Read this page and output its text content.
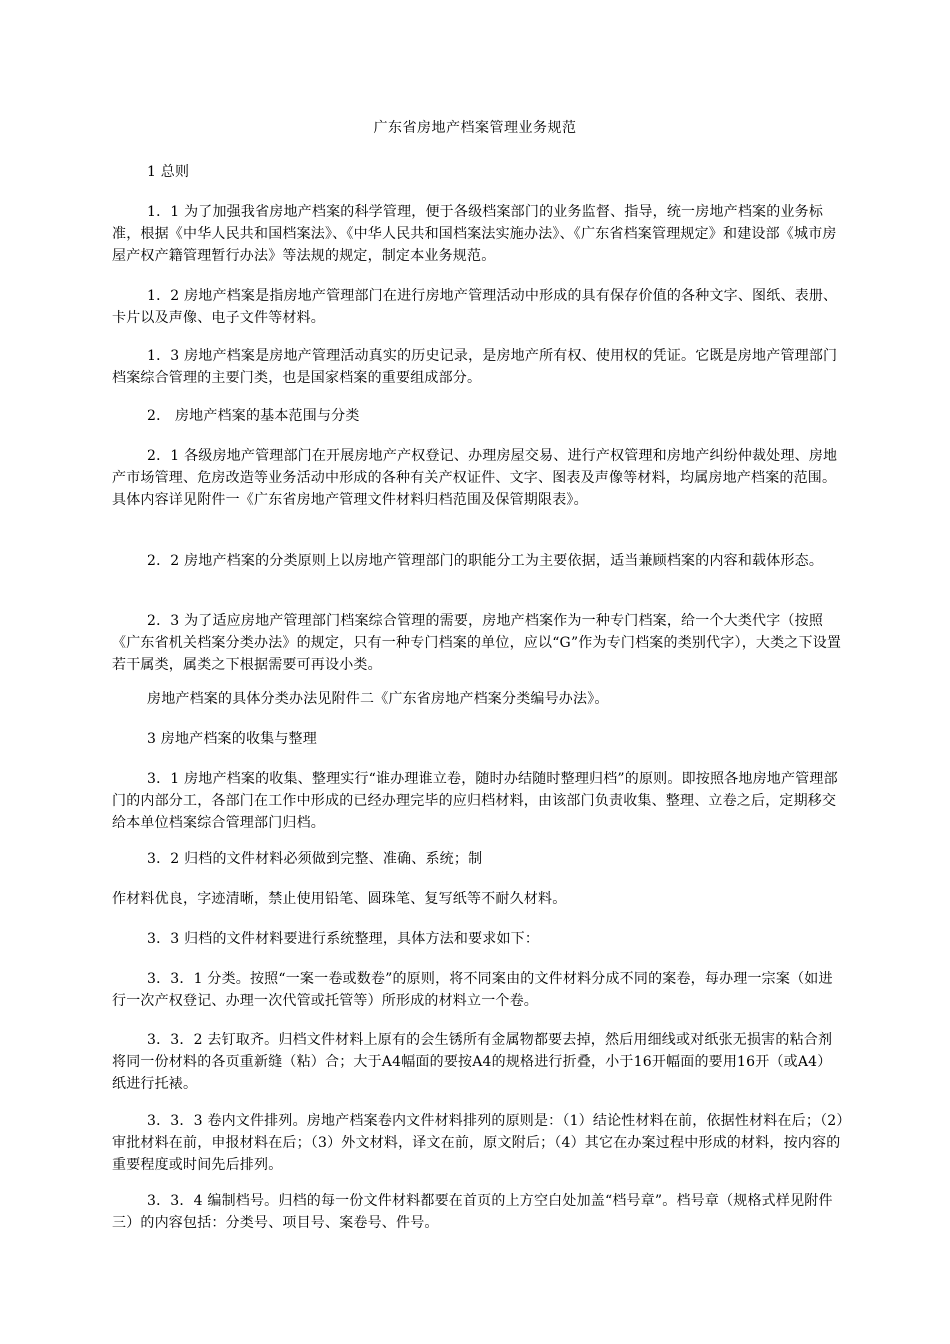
广东省房地产档案管理业务规范
1 总则
1．1 为了加强我省房地产档案的科学管理，便于各级档案部门的业务监督、指导，统一房地产档案的业务标准，根据《中华人民共和国档案法》、《中华人民共和国档案法实施办法》、《广东省档案管理规定》和建设部《城市房屋产权产籍管理暂行办法》等法规的规定，制定本业务规范。
1．2 房地产档案是指房地产管理部门在进行房地产管理活动中形成的具有保存价值的各种文字、图纸、表册、卡片以及声像、电子文件等材料。
1．3 房地产档案是房地产管理活动真实的历史记录，是房地产所有权、使用权的凭证。它既是房地产管理部门档案综合管理的主要门类，也是国家档案的重要组成部分。
2． 房地产档案的基本范围与分类
2．1 各级房地产管理部门在开展房地产产权登记、办理房屋交易、进行产权管理和房地产纠纷仲裁处理、房地产市场管理、危房改造等业务活动中形成的各种有关产权证件、文字、图表及声像等材料，均属房地产档案的范围。具体内容详见附件一《广东省房地产管理文件材料归档范围及保管期限表》。
2．2 房地产档案的分类原则上以房地产管理部门的职能分工为主要依据，适当兼顾档案的内容和载体形态。
2．3 为了适应房地产管理部门档案综合管理的需要，房地产档案作为一种专门档案，给一个大类代字（按照《广东省机关档案分类办法》的规定，只有一种专门档案的单位，应以“G”作为专门档案的类别代字），大类之下设置若干属类，属类之下根据需要可再设小类。
房地产档案的具体分类办法见附件二《广东省房地产档案分类编号办法》。
3 房地产档案的收集与整理
3．1 房地产档案的收集、整理实行“谁办理谁立卷，随时办结随时整理归档”的原则。即按照各地房地产管理部门的内部分工，各部门在工作中形成的已经办理完毕的应归档材料，由该部门负责收集、整理、立卷之后，定期移交给本单位档案综合管理部门归档。
3．2 归档的文件材料必须做到完整、准确、系统；制
作材料优良，字迹清晰，禁止使用铅笔、圆珠笔、复写纸等不耐久材料。
3．3 归档的文件材料要进行系统整理，具体方法和要求如下：
3．3．1 分类。按照“一案一卷或数卷”的原则，将不同案由的文件材料分成不同的案卷，每办理一宗案（如进行一次产权登记、办理一次代管或托管等）所形成的材料立一个卷。
3．3．2 去钉取齐。归档文件材料上原有的会生锈所有金属物都要去掉，然后用细线或对纸张无损害的粘合剂将同一份材料的各页重新缝（粘）合；大于A4幅面的要按A4的规格进行折叠，小于16开幅面的要用16开（或A4）纸进行托裱。
3．3．3 卷内文件排列。房地产档案卷内文件材料排列的原则是：（1）结论性材料在前，依据性材料在后；（2）审批材料在前，申报材料在后；（3）外文材料，译文在前，原文附后；（4）其它在办案过程中形成的材料，按内容的重要程度或时间先后排列。
3．3．4 编制档号。归档的每一份文件材料都要在首页的上方空白处加盖“档号章”。档号章（规格式样见附件三）的内容包括：分类号、项目号、案卷号、件号。
